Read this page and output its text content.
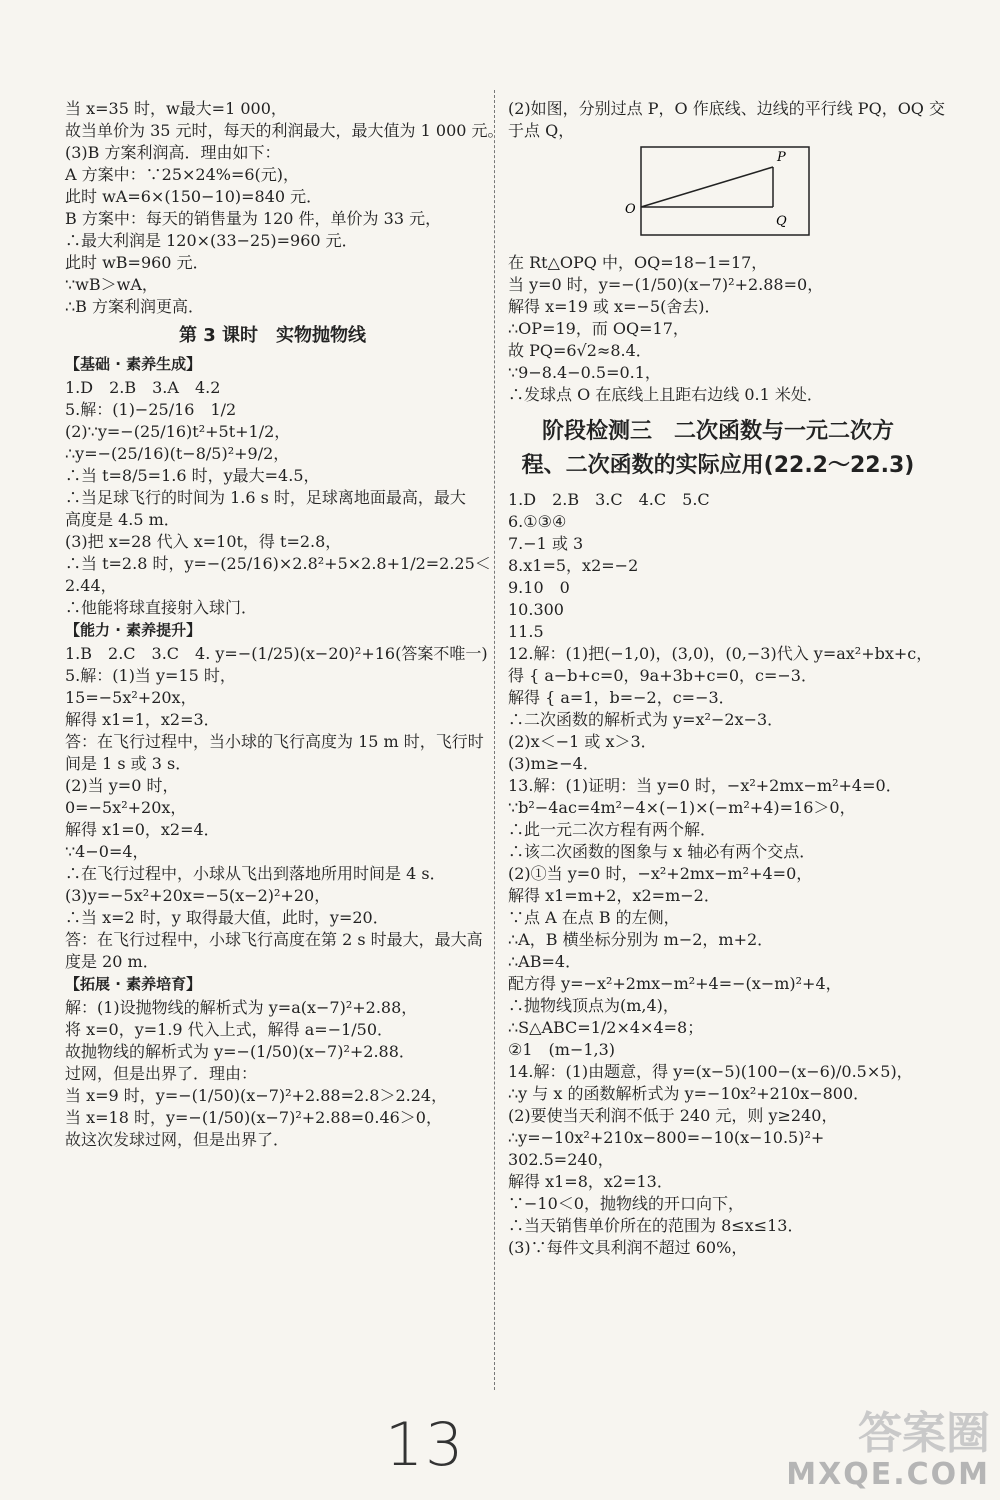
当 x=35 时，w最大=1 000，
故当单价为 35 元时，每天的利润最大，最大值为 1 000 元。
(3)B 方案利润高．理由如下：
A 方案中：∵25×24%=6(元)，
此时 wA=6×(150−10)=840 元．
B 方案中：每天的销售量为 120 件，单价为 33 元，
∴最大利润是 120×(33−25)=960 元．
此时 wB=960 元．
∵wB＞wA，
∴B 方案利润更高．
第 3 课时　实物抛物线
【基础 · 素养生成】
1.D　2.B　3.A　4.2
5.解：(1)−25/16　1/2
(2)∵y=−(25/16)t²+5t+1/2，
∴y=−(25/16)(t−8/5)²+9/2，
∴当 t=8/5=1.6 时，y最大=4.5，
∴当足球飞行的时间为 1.6 s 时，足球离地面最高，最大
高度是 4.5 m．
(3)把 x=28 代入 x=10t，得 t=2.8，
∴当 t=2.8 时，y=−(25/16)×2.8²+5×2.8+1/2=2.25＜
2.44，
∴他能将球直接射入球门．
【能力 · 素养提升】
1.B　2.C　3.C　4. y=−(1/25)(x−20)²+16(答案不唯一)
5.解：(1)当 y=15 时，
15=−5x²+20x，
解得 x1=1，x2=3．
答：在飞行过程中，当小球的飞行高度为 15 m 时，飞行时
间是 1 s 或 3 s．
(2)当 y=0 时，
0=−5x²+20x，
解得 x1=0，x2=4．
∵4−0=4，
∴在飞行过程中，小球从飞出到落地所用时间是 4 s．
(3)y=−5x²+20x=−5(x−2)²+20，
∴当 x=2 时，y 取得最大值，此时，y=20．
答：在飞行过程中，小球飞行高度在第 2 s 时最大，最大高
度是 20 m．
【拓展 · 素养培育】
解：(1)设抛物线的解析式为 y=a(x−7)²+2.88，
将 x=0，y=1.9 代入上式，解得 a=−1/50．
故抛物线的解析式为 y=−(1/50)(x−7)²+2.88．
过网，但是出界了．理由：
当 x=9 时，y=−(1/50)(x−7)²+2.88=2.8＞2.24，
当 x=18 时，y=−(1/50)(x−7)²+2.88=0.46＞0，
故这次发球过网，但是出界了．
(2)如图，分别过点 P，O 作底线、边线的平行线 PQ，OQ 交
于点 Q，
P
O
Q
在 Rt△OPQ 中，OQ=18−1=17，
当 y=0 时，y=−(1/50)(x−7)²+2.88=0，
解得 x=19 或 x=−5(舍去)．
∴OP=19，而 OQ=17，
故 PQ=6√2≈8.4．
∵9−8.4−0.5=0.1，
∴发球点 O 在底线上且距右边线 0.1 米处．
阶段检测三　二次函数与一元二次方
程、二次函数的实际应用(22.2～22.3)
1.D　2.B　3.C　4.C　5.C
6.①③④
7.−1 或 3
8.x1=5，x2=−2
9.10　0
10.300
11.5
12.解：(1)把(−1,0)，(3,0)，(0,−3)代入 y=ax²+bx+c，
得 { a−b+c=0，9a+3b+c=0，c=−3．
解得 { a=1，b=−2，c=−3．
∴二次函数的解析式为 y=x²−2x−3．
(2)x＜−1 或 x＞3．
(3)m≥−4．
13.解：(1)证明：当 y=0 时，−x²+2mx−m²+4=0．
∵b²−4ac=4m²−4×(−1)×(−m²+4)=16＞0，
∴此一元二次方程有两个解．
∴该二次函数的图象与 x 轴必有两个交点．
(2)①当 y=0 时，−x²+2mx−m²+4=0，
解得 x1=m+2，x2=m−2．
∵点 A 在点 B 的左侧，
∴A，B 横坐标分别为 m−2，m+2．
∴AB=4．
配方得 y=−x²+2mx−m²+4=−(x−m)²+4，
∴抛物线顶点为(m,4)，
∴S△ABC=1/2×4×4=8；
②1　(m−1,3)
14.解：(1)由题意，得 y=(x−5)(100−(x−6)/0.5×5)，
∴y 与 x 的函数解析式为 y=−10x²+210x−800．
(2)要使当天利润不低于 240 元，则 y≥240，
∴y=−10x²+210x−800=−10(x−10.5)²+
302.5=240，
解得 x1=8，x2=13．
∵−10＜0，抛物线的开口向下，
∴当天销售单价所在的范围为 8≤x≤13．
(3)∵每件文具利润不超过 60%，
13	答案圈
MXQE.COM
